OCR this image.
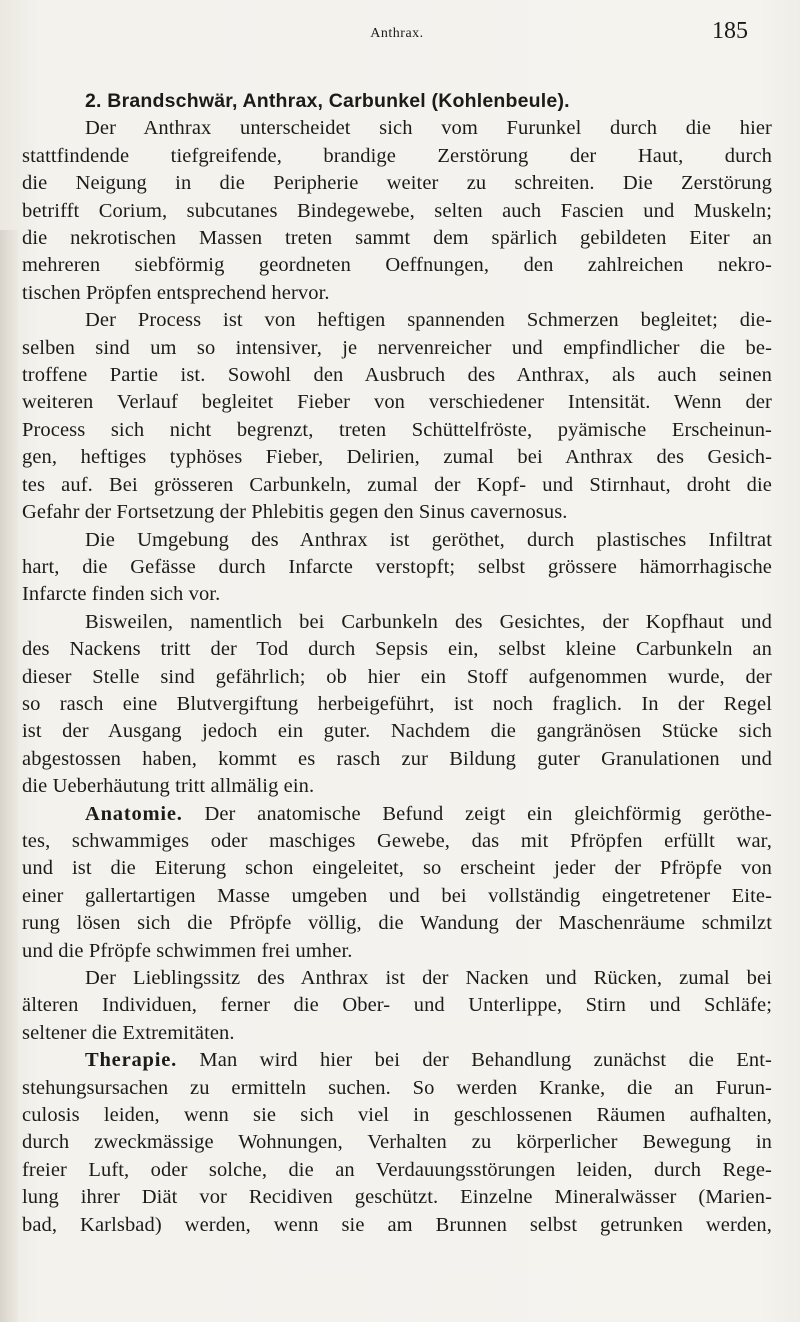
Anthrax.	185
2. Brandschwär, Anthrax, Carbunkel (Kohlenbeule).
Der Anthrax unterscheidet sich vom Furunkel durch die hier
stattfindende tiefgreifende, brandige Zerstörung der Haut, durch
die Neigung in die Peripherie weiter zu schreiten. Die Zerstörung
betrifft Corium, subcutanes Bindegewebe, selten auch Fascien und Muskeln;
die nekrotischen Massen treten sammt dem spärlich gebildeten Eiter an
mehreren siebförmig geordneten Oeffnungen, den zahlreichen nekro-
tischen Pröpfen entsprechend hervor.
Der Process ist von heftigen spannenden Schmerzen begleitet; die-
selben sind um so intensiver, je nervenreicher und empfindlicher die be-
troffene Partie ist. Sowohl den Ausbruch des Anthrax, als auch seinen
weiteren Verlauf begleitet Fieber von verschiedener Intensität. Wenn der
Process sich nicht begrenzt, treten Schüttelfröste, pyämische Erscheinun-
gen, heftiges typhöses Fieber, Delirien, zumal bei Anthrax des Gesich-
tes auf. Bei grösseren Carbunkeln, zumal der Kopf- und Stirnhaut, droht die
Gefahr der Fortsetzung der Phlebitis gegen den Sinus cavernosus.
Die Umgebung des Anthrax ist geröthet, durch plastisches Infiltrat
hart, die Gefässe durch Infarcte verstopft; selbst grössere hämorrhagische
Infarcte finden sich vor.
Bisweilen, namentlich bei Carbunkeln des Gesichtes, der Kopfhaut und
des Nackens tritt der Tod durch Sepsis ein, selbst kleine Carbunkeln an
dieser Stelle sind gefährlich; ob hier ein Stoff aufgenommen wurde, der
so rasch eine Blutvergiftung herbeigeführt, ist noch fraglich. In der Regel
ist der Ausgang jedoch ein guter. Nachdem die gangränösen Stücke sich
abgestossen haben, kommt es rasch zur Bildung guter Granulationen und
die Ueberhäutung tritt allmälig ein.
Anatomie. Der anatomische Befund zeigt ein gleichförmig geröthe-
tes, schwammiges oder maschiges Gewebe, das mit Pfröpfen erfüllt war,
und ist die Eiterung schon eingeleitet, so erscheint jeder der Pfröpfe von
einer gallertartigen Masse umgeben und bei vollständig eingetretener Eite-
rung lösen sich die Pfröpfe völlig, die Wandung der Maschenräume schmilzt
und die Pfröpfe schwimmen frei umher.
Der Lieblingssitz des Anthrax ist der Nacken und Rücken, zumal bei
älteren Individuen, ferner die Ober- und Unterlippe, Stirn und Schläfe;
seltener die Extremitäten.
Therapie. Man wird hier bei der Behandlung zunächst die Ent-
stehungsursachen zu ermitteln suchen. So werden Kranke, die an Furun-
culosis leiden, wenn sie sich viel in geschlossenen Räumen aufhalten,
durch zweckmässige Wohnungen, Verhalten zu körperlicher Bewegung in
freier Luft, oder solche, die an Verdauungsstörungen leiden, durch Rege-
lung ihrer Diät vor Recidiven geschützt. Einzelne Mineralwässer (Marien-
bad, Karlsbad) werden, wenn sie am Brunnen selbst getrunken werden,
